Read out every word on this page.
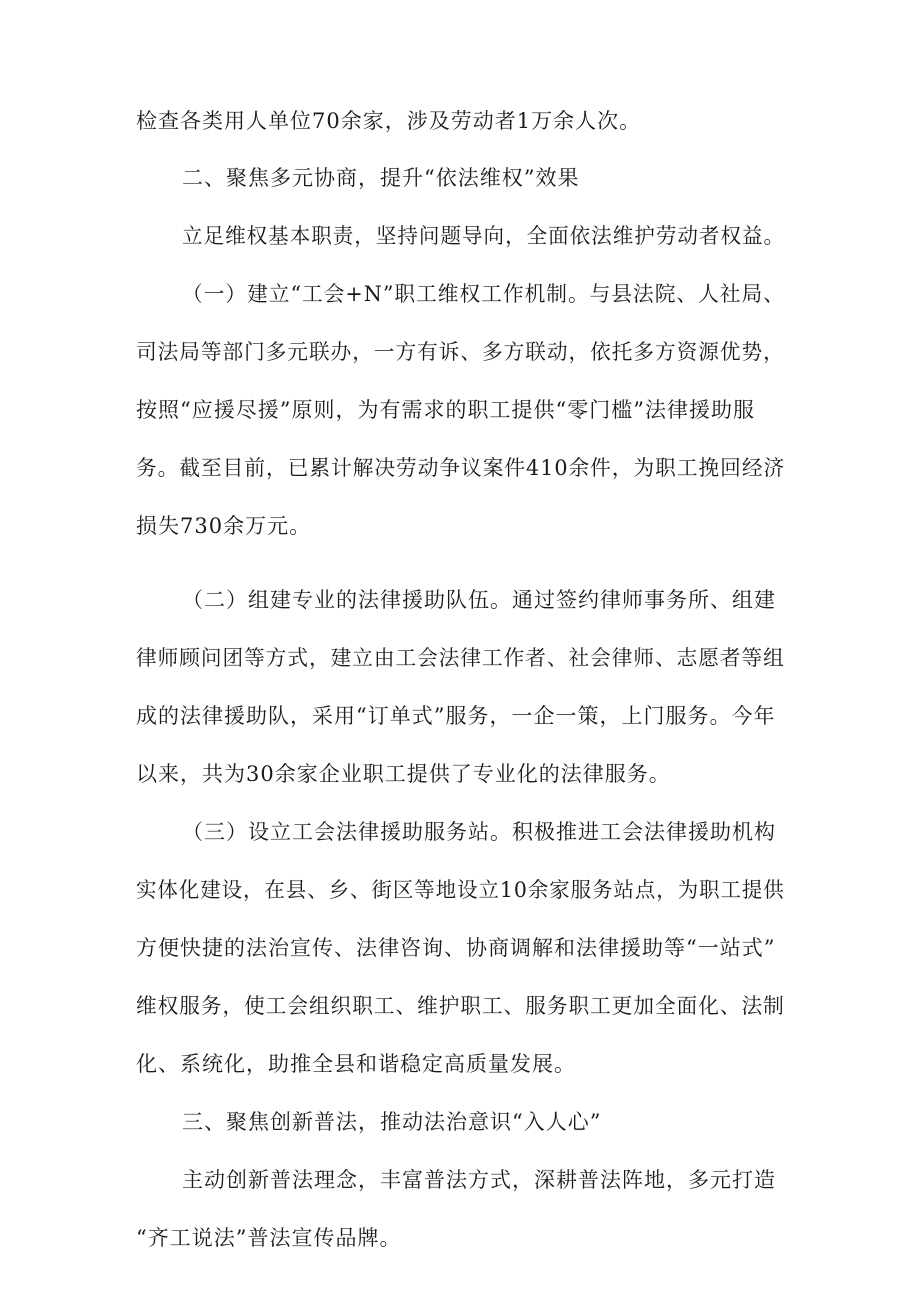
检查各类用人单位70余家，涉及劳动者1万余人次。
二、聚焦多元协商，提升“依法维权”效果
立足维权基本职责，坚持问题导向，全面依法维护劳动者权益。
（一）建立“工会+N”职工维权工作机制。与县法院、人社局、
司法局等部门多元联办，一方有诉、多方联动，依托多方资源优势，
按照“应援尽援”原则，为有需求的职工提供“零门槛”法律援助服
务。截至目前，已累计解决劳动争议案件410余件，为职工挽回经济
损失730余万元。
（二）组建专业的法律援助队伍。通过签约律师事务所、组建
律师顾问团等方式，建立由工会法律工作者、社会律师、志愿者等组
成的法律援助队，采用“订单式”服务，一企一策，上门服务。今年
以来，共为30余家企业职工提供了专业化的法律服务。
（三）设立工会法律援助服务站。积极推进工会法律援助机构
实体化建设，在县、乡、街区等地设立10余家服务站点，为职工提供
方便快捷的法治宣传、法律咨询、协商调解和法律援助等“一站式”
维权服务，使工会组织职工、维护职工、服务职工更加全面化、法制
化、系统化，助推全县和谐稳定高质量发展。
三、聚焦创新普法，推动法治意识“入人心”
主动创新普法理念，丰富普法方式，深耕普法阵地，多元打造
“齐工说法”普法宣传品牌。
